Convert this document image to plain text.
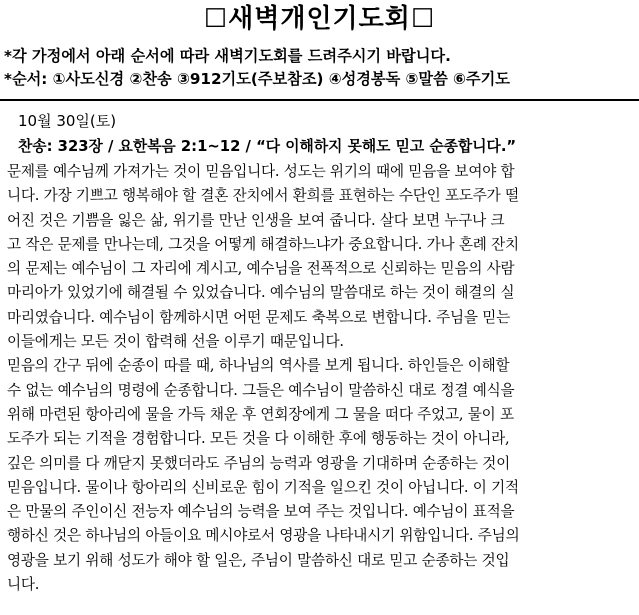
☐새벽개인기도회☐
*각 가정에서 아래 순서에 따라 새벽기도회를 드려주시기 바랍니다.
*순서: ①사도신경 ②찬송 ③912기도(주보참조) ④성경봉독 ⑤말씀 ⑥주기도
10월 30일(토)
찬송: 323장 / 요한복음 2:1~12 / “다 이해하지 못해도 믿고 순종합니다.”
문제를 예수님께 가져가는 것이 믿음입니다. 성도는 위기의 때에 믿음을 보여야 합
니다. 가장 기쁘고 행복해야 할 결혼 잔치에서 환희를 표현하는 수단인 포도주가 떨
어진 것은 기쁨을 잃은 삶, 위기를 만난 인생을 보여 줍니다. 살다 보면 누구나 크
고 작은 문제를 만나는데, 그것을 어떻게 해결하느냐가 중요합니다. 가나 혼례 잔치
의 문제는 예수님이 그 자리에 계시고, 예수님을 전폭적으로 신뢰하는 믿음의 사람
마리아가 있었기에 해결될 수 있었습니다. 예수님의 말씀대로 하는 것이 해결의 실
마리였습니다. 예수님이 함께하시면 어떤 문제도 축복으로 변합니다. 주님을 믿는
이들에게는 모든 것이 합력해 선을 이루기 때문입니다.
믿음의 간구 뒤에 순종이 따를 때, 하나님의 역사를 보게 됩니다. 하인들은 이해할
수 없는 예수님의 명령에 순종합니다. 그들은 예수님이 말씀하신 대로 정결 예식을
위해 마련된 항아리에 물을 가득 채운 후 연회장에게 그 물을 떠다 주었고, 물이 포
도주가 되는 기적을 경험합니다. 모든 것을 다 이해한 후에 행동하는 것이 아니라,
깊은 의미를 다 깨닫지 못했더라도 주님의 능력과 영광을 기대하며 순종하는 것이
믿음입니다. 물이나 항아리의 신비로운 힘이 기적을 일으킨 것이 아닙니다. 이 기적
은 만물의 주인이신 전능자 예수님의 능력을 보여 주는 것입니다. 예수님이 표적을
행하신 것은 하나님의 아들이요 메시야로서 영광을 나타내시기 위함입니다. 주님의
영광을 보기 위해 성도가 해야 할 일은, 주님이 말씀하신 대로 믿고 순종하는 것입
니다.
